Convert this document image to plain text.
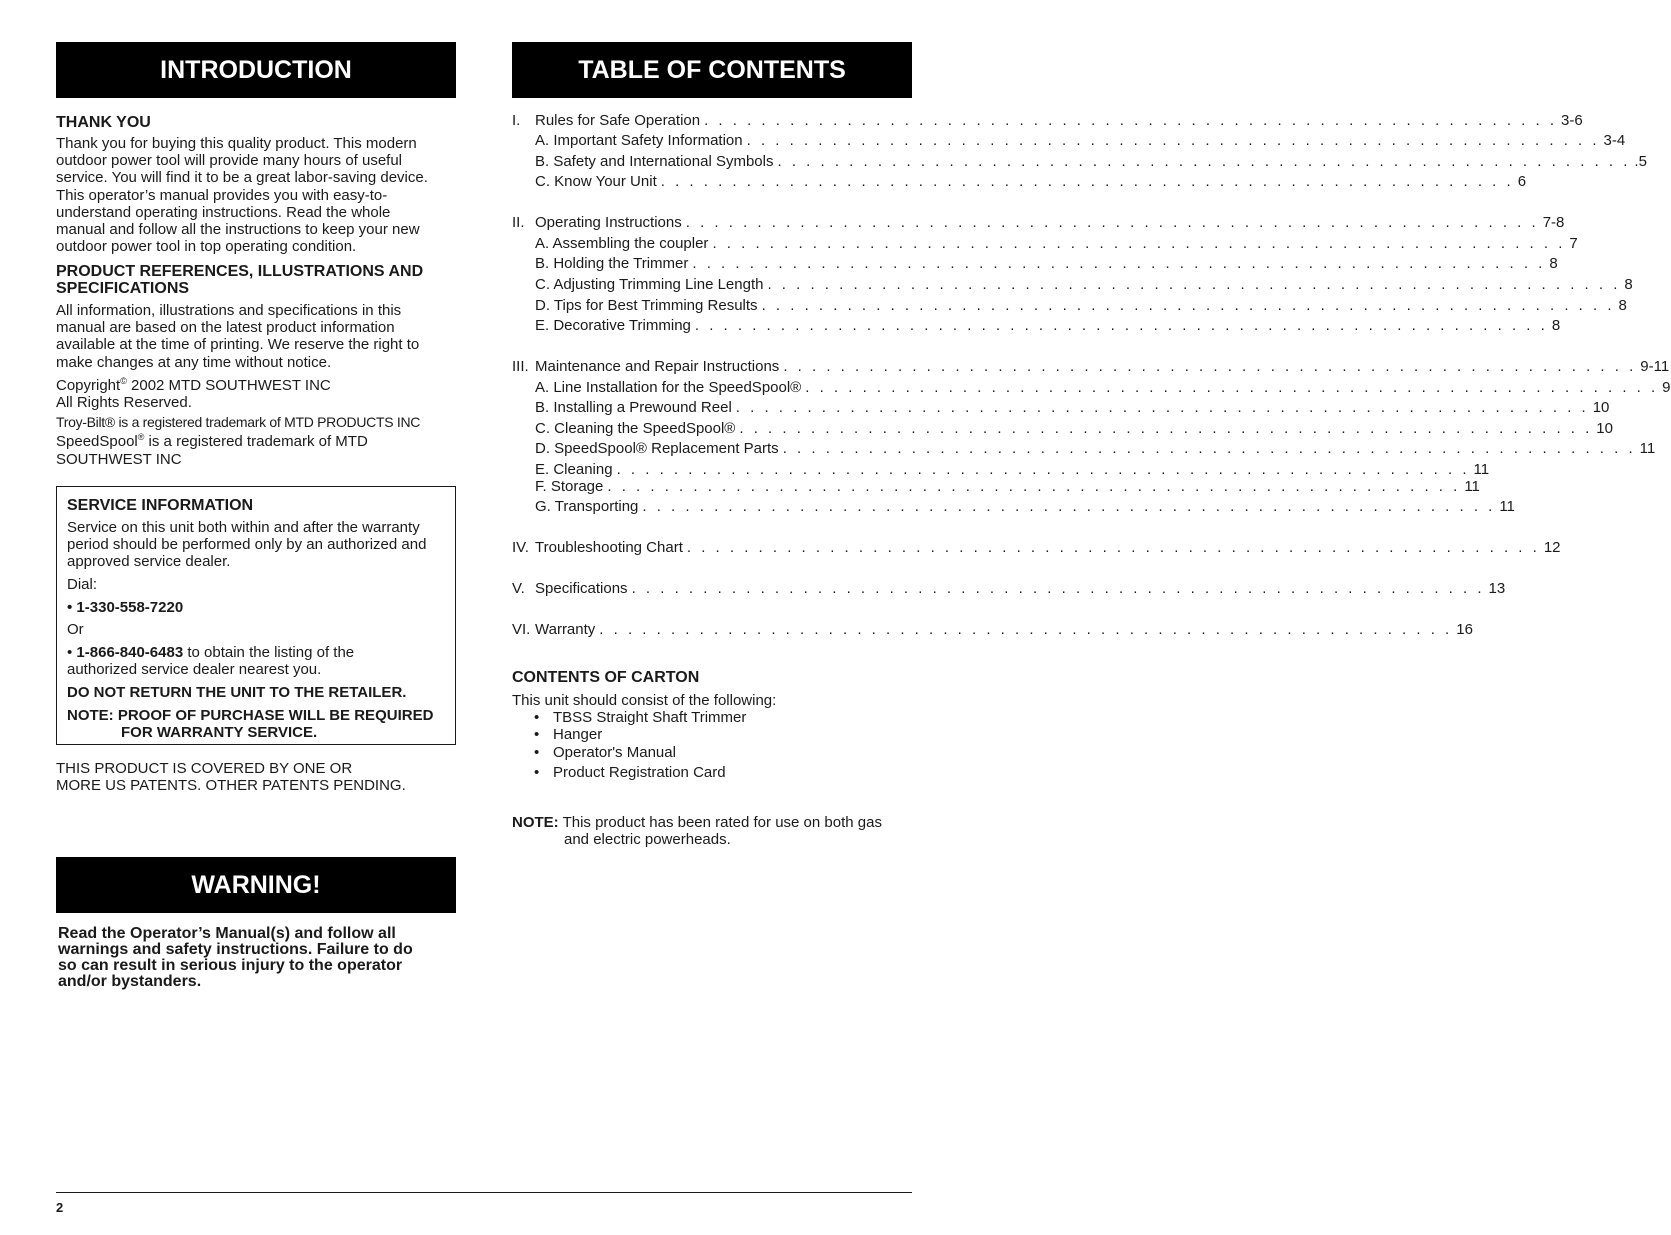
INTRODUCTION

THANK YOU

Thank you for buying this quality product. This modern

outdoor power tool will provide many hours of useful

service. You will find it to be a great labor-saving device.

This operator’s manual provides you with easy-to-

understand operating instructions. Read the whole

manual and follow all the instructions to keep your new

outdoor power tool in top operating condition.

PRODUCT REFERENCES, ILLUSTRATIONS AND

SPECIFICATIONS

All information, illustrations and specifications in this

manual are based on the latest product information

available at the time of printing. We reserve the right to

make changes at any time without notice.

Copyright© 2002 MTD SOUTHWEST INC

All Rights Reserved.

Troy-Bilt® is a registered trademark of MTD PRODUCTS INC

SpeedSpool® is a registered trademark of MTD

SOUTHWEST INC

SERVICE INFORMATION

Service on this unit both within and after the warranty

period should be performed only by an authorized and

approved service dealer.

Dial:

• 1-330-558-7220

Or

• 1-866-840-6483 to obtain the listing of the

authorized service dealer nearest you.

DO NOT RETURN THE UNIT TO THE RETAILER.

NOTE: PROOF OF PURCHASE WILL BE REQUIRED

FOR WARRANTY SERVICE.

THIS PRODUCT IS COVERED BY ONE OR

MORE US PATENTS. OTHER PATENTS PENDING.

WARNING!

Read the Operator’s Manual(s) and follow all

warnings and safety instructions. Failure to do

so can result in serious injury to the operator

and/or bystanders.

TABLE OF CONTENTS
I. Rules for Safe Operation . . . . . . . . . . . . . . . . . . . . . . . . . . . . . . . . . . . . . . . . . . . . . . . . . . . . . . . . . . . . 3-6
A. Important Safety Information . . . . . . . . . . . . . . . . . . . . . . . . . . . . . . . . . . . . . . . . . . . . . . . . . . . . . . . . . . . . 3-4
B. Safety and International Symbols . . . . . . . . . . . . . . . . . . . . . . . . . . . . . . . . . . . . . . . . . . . . . . . . . . . . . . . . . . . . .5
C. Know Your Unit . . . . . . . . . . . . . . . . . . . . . . . . . . . . . . . . . . . . . . . . . . . . . . . . . . . . . . . . . . . . 6
II. Operating Instructions . . . . . . . . . . . . . . . . . . . . . . . . . . . . . . . . . . . . . . . . . . . . . . . . . . . . . . . . . . . . 7-8
A. Assembling the coupler . . . . . . . . . . . . . . . . . . . . . . . . . . . . . . . . . . . . . . . . . . . . . . . . . . . . . . . . . . . . 7
B. Holding the Trimmer . . . . . . . . . . . . . . . . . . . . . . . . . . . . . . . . . . . . . . . . . . . . . . . . . . . . . . . . . . . . 8
C. Adjusting Trimming Line Length . . . . . . . . . . . . . . . . . . . . . . . . . . . . . . . . . . . . . . . . . . . . . . . . . . . . . . . . . . . . 8
D. Tips for Best Trimming Results . . . . . . . . . . . . . . . . . . . . . . . . . . . . . . . . . . . . . . . . . . . . . . . . . . . . . . . . . . . . 8
E. Decorative Trimming . . . . . . . . . . . . . . . . . . . . . . . . . . . . . . . . . . . . . . . . . . . . . . . . . . . . . . . . . . . . 8
III. Maintenance and Repair Instructions . . . . . . . . . . . . . . . . . . . . . . . . . . . . . . . . . . . . . . . . . . . . . . . . . . . . . . . . . . . . 9-11
A. Line Installation for the SpeedSpool® . . . . . . . . . . . . . . . . . . . . . . . . . . . . . . . . . . . . . . . . . . . . . . . . . . . . . . . . . . . . 9
B. Installing a Prewound Reel . . . . . . . . . . . . . . . . . . . . . . . . . . . . . . . . . . . . . . . . . . . . . . . . . . . . . . . . . . . . 10
C. Cleaning the SpeedSpool® . . . . . . . . . . . . . . . . . . . . . . . . . . . . . . . . . . . . . . . . . . . . . . . . . . . . . . . . . . . . 10
D. SpeedSpool® Replacement Parts . . . . . . . . . . . . . . . . . . . . . . . . . . . . . . . . . . . . . . . . . . . . . . . . . . . . . . . . . . . . 11
E. Cleaning . . . . . . . . . . . . . . . . . . . . . . . . . . . . . . . . . . . . . . . . . . . . . . . . . . . . . . . . . . . . 11
F. Storage . . . . . . . . . . . . . . . . . . . . . . . . . . . . . . . . . . . . . . . . . . . . . . . . . . . . . . . . . . . . 11
G. Transporting . . . . . . . . . . . . . . . . . . . . . . . . . . . . . . . . . . . . . . . . . . . . . . . . . . . . . . . . . . . . 11
IV. Troubleshooting Chart . . . . . . . . . . . . . . . . . . . . . . . . . . . . . . . . . . . . . . . . . . . . . . . . . . . . . . . . . . . . 12
V. Specifications . . . . . . . . . . . . . . . . . . . . . . . . . . . . . . . . . . . . . . . . . . . . . . . . . . . . . . . . . . . . 13
VI. Warranty . . . . . . . . . . . . . . . . . . . . . . . . . . . . . . . . . . . . . . . . . . . . . . . . . . . . . . . . . . . . 16

CONTENTS OF CARTON

This unit should consist of the following:

• TBSS Straight Shaft Trimmer
• Hanger
• Operator's Manual
• Product Registration Card

NOTE: This product has been rated for use on both gas

and electric powerheads.

2
